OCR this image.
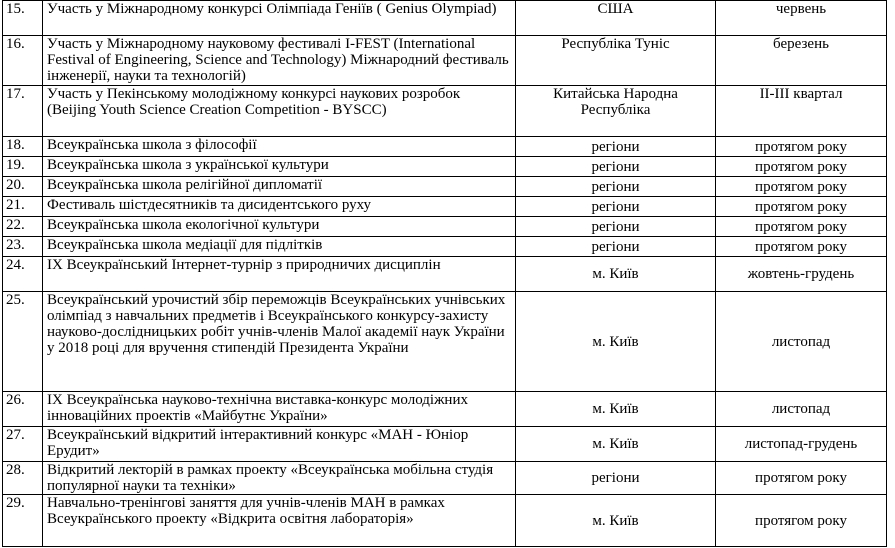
15.	Участь у Міжнародному конкурсі Олімпіада Геніїв ( Genius Olympiad)	США	червень
16.	Участь у Міжнародному науковому фестивалі I-FEST (International Festival of Engineering, Science and Technology) Міжнародний фестиваль інженерії, науки та технологій)	Республіка Туніс	березень
17.	Участь у Пекінському молодіжному конкурсі наукових розробок (Beijing Youth Science Creation Competition - BYSCC)	Китайська Народна Республіка	ІІ-ІІІ квартал
18.	Всеукраїнська школа з філософії	регіони	протягом року
19.	Всеукраїнська школа з української культури	регіони	протягом року
20.	Всеукраїнська школа релігійної дипломатії	регіони	протягом року
21.	Фестиваль шістдесятників та дисидентського руху	регіони	протягом року
22.	Всеукраїнська школа екологічної культури	регіони	протягом року
23.	Всеукраїнська школа медіації для підлітків	регіони	протягом року
24.	ІХ Всеукраїнський Інтернет-турнір з природничих дисциплін	м. Київ	жовтень-грудень
25.	Всеукраїнський урочистий збір переможців Всеукраїнських учнівських олімпіад з навчальних предметів і Всеукраїнського конкурсу-захисту науково-дослідницьких робіт учнів-членів Малої академії наук України у 2018 році для вручення стипендій Президента України	м. Київ	листопад
26.	ІХ Всеукраїнська науково-технічна виставка-конкурс молодіжних інноваційних проектів «Майбутнє України»	м. Київ	листопад
27.	Всеукраїнський відкритий інтерактивний конкурс «МАН - Юніор Ерудит»	м. Київ	листопад-грудень
28.	Відкритий лекторій в рамках проекту «Всеукраїнська мобільна студія популярної науки та техніки»	регіони	протягом року
29.	Навчально-тренінгові заняття для учнів-членів МАН в рамках Всеукраїнського проекту «Відкрита освітня лабораторія»	м. Київ	протягом року
